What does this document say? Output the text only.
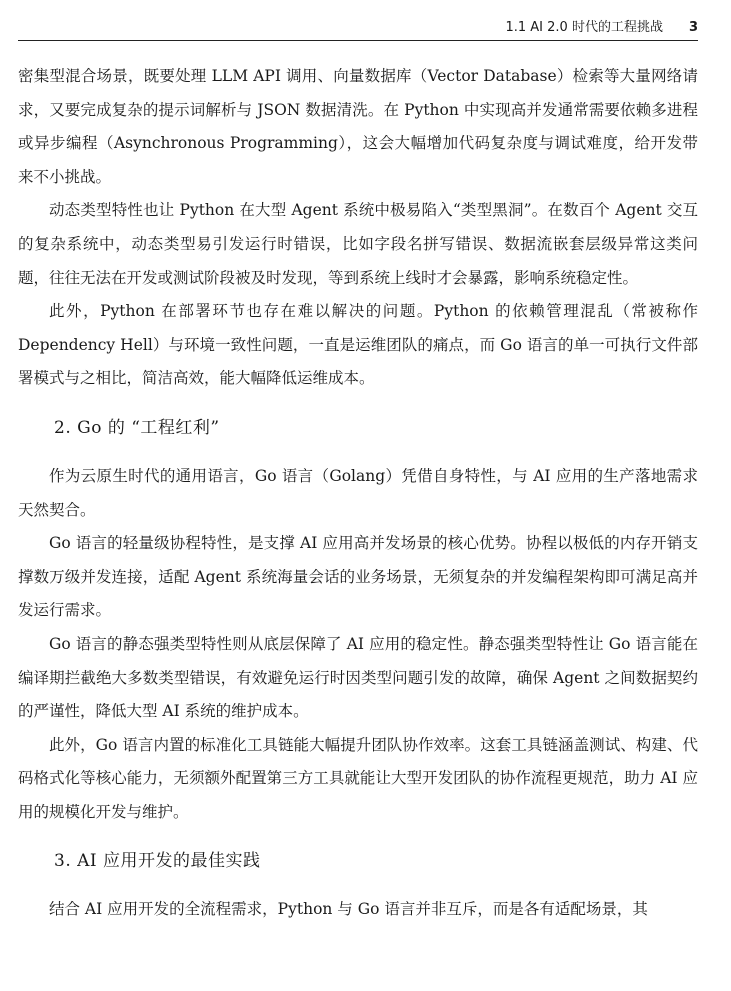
1.1 AI 2.0 时代的工程挑战 3

密集型混合场景，既要处理 LLM API 调用、向量数据库（Vector Database）检索等大量网络请求，又要完成复杂的提示词解析与 JSON 数据清洗。在 Python 中实现高并发通常需要依赖多进程或异步编程（Asynchronous Programming），这会大幅增加代码复杂度与调试难度，给开发带来不小挑战。

动态类型特性也让 Python 在大型 Agent 系统中极易陷入“类型黑洞”。在数百个 Agent 交互的复杂系统中，动态类型易引发运行时错误，比如字段名拼写错误、数据流嵌套层级异常这类问题，往往无法在开发或测试阶段被及时发现，等到系统上线时才会暴露，影响系统稳定性。

此外，Python 在部署环节也存在难以解决的问题。Python 的依赖管理混乱（常被称作 Dependency Hell）与环境一致性问题，一直是运维团队的痛点，而 Go 语言的单一可执行文件部署模式与之相比，简洁高效，能大幅降低运维成本。

2. Go 的 “工程红利”

作为云原生时代的通用语言，Go 语言（Golang）凭借自身特性，与 AI 应用的生产落地需求天然契合。

Go 语言的轻量级协程特性，是支撑 AI 应用高并发场景的核心优势。协程以极低的内存开销支撑数万级并发连接，适配 Agent 系统海量会话的业务场景，无须复杂的并发编程架构即可满足高并发运行需求。

Go 语言的静态强类型特性则从底层保障了 AI 应用的稳定性。静态强类型特性让 Go 语言能在编译期拦截绝大多数类型错误，有效避免运行时因类型问题引发的故障，确保 Agent 之间数据契约的严谨性，降低大型 AI 系统的维护成本。

此外，Go 语言内置的标准化工具链能大幅提升团队协作效率。这套工具链涵盖测试、构建、代码格式化等核心能力，无须额外配置第三方工具就能让大型开发团队的协作流程更规范，助力 AI 应用的规模化开发与维护。

3. AI 应用开发的最佳实践

结合 AI 应用开发的全流程需求，Python 与 Go 语言并非互斥，而是各有适配场景，其
